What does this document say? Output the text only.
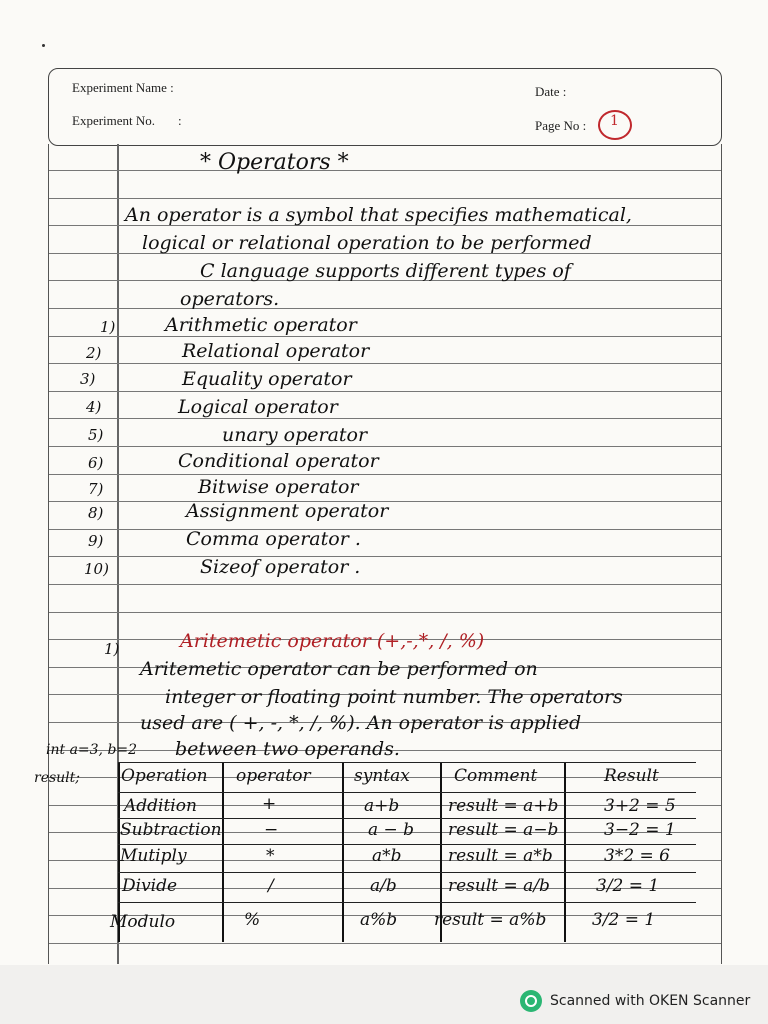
Experiment Name :	Date :
Experiment No. :	Page No : 1
* Operators *
An operator is a symbol that specifies mathematical,
logical or relational operation to be performed
C language supports different types of
operators.
1)	Arithmetic operator
2)	Relational operator
3)	Equality operator
4)	Logical operator
5)	unary operator
6)	Conditional operator
7)	Bitwise operator
8)	Assignment operator
9)	Comma operator .
10)	Sizeof operator .
1)	Aritemetic operator (+,-,*, /, %)
Aritemetic operator can be performed on
integer or floating point number. The operators
used are ( +, -, *, /, %). An operator is applied
between two operands.
int a=3, b=2
result; Operation operator	syntax	Comment	Result
Addition	+	a+b	result = a+b	3+2 = 5
Subtraction −	a − b result = a−b	3−2 = 1
Mutiply	*	a*b	result = a*b	3*2 = 6
Divide	/	a/b	result = a/b	3/2 = 1
Modulo	%	a%b result = a%b	3/2 = 1
Scanned with OKEN Scanner
